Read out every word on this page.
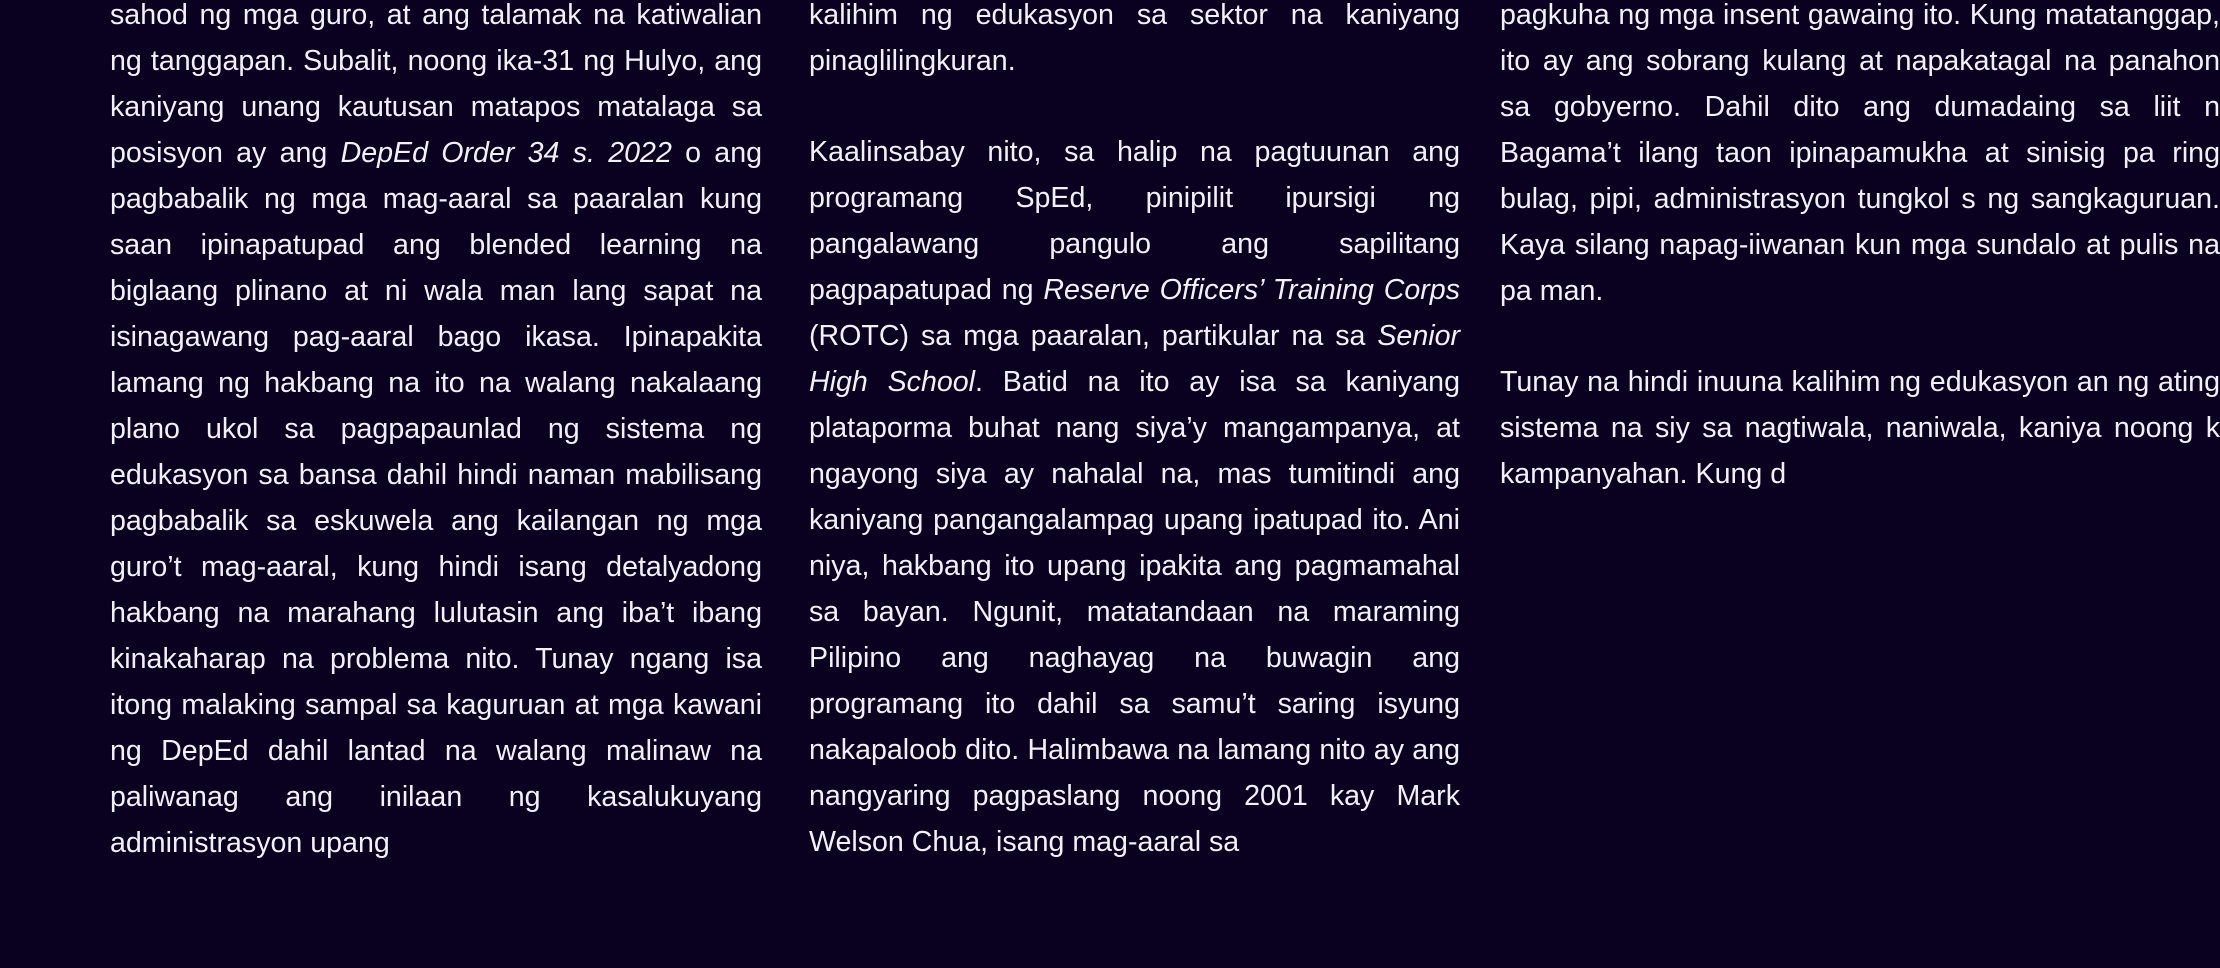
sahod ng mga guro, at ang talamak na katiwalian ng tanggapan. Subalit, noong ika-31 ng Hulyo, ang kaniyang unang kautusan matapos matalaga sa posisyon ay ang DepEd Order 34 s. 2022 o ang pagbabalik ng mga mag-aaral sa paaralan kung saan ipinapatupad ang blended learning na biglaang plinano at ni wala man lang sapat na isinagawang pag-aaral bago ikasa. Ipinapakita lamang ng hakbang na ito na walang nakalaang plano ukol sa pagpapaunlad ng sistema ng edukasyon sa bansa dahil hindi naman mabilisang pagbabalik sa eskuwela ang kailangan ng mga guro’t mag-aaral, kung hindi isang detalyadong hakbang na marahang lulutasin ang iba’t ibang kinakaharap na problema nito. Tunay ngang isa itong malaking sampal sa kaguruan at mga kawani ng DepEd dahil lantad na walang malinaw na paliwanag ang inilaan ng kasalukuyang administrasyon upang

kalihim ng edukasyon sa sektor na kaniyang pinaglilingkuran.

Kaalinsabay nito, sa halip na pagtuunan ang programang SpEd, pinipilit ipursigi ng pangalawang pangulo ang sapilitang pagpapatupad ng Reserve Officers’ Training Corps (ROTC) sa mga paaralan, partikular na sa Senior High School. Batid na ito ay isa sa kaniyang plataporma buhat nang siya’y mangampanya, at ngayong siya ay nahalal na, mas tumitindi ang kaniyang pangangalampag upang ipatupad ito. Ani niya, hakbang ito upang ipakita ang pagmamahal sa bayan. Ngunit, matatandaan na maraming Pilipino ang naghayag na buwagin ang programang ito dahil sa samu’t saring isyung nakapaloob dito. Halimbawa na lamang nito ay ang nangyaring pagpaslang noong 2001 kay Mark Welson Chua, isang mag-aaral sa

pagkuha ng mga insent gawaing ito. Kung matatanggap, ito ay ang sobrang kulang at napakatagal na panahon sa gobyerno. Dahil dito ang dumadaing sa liit n Bagama’t ilang taon ipinapamukha at sinisig pa ring bulag, pipi, administrasyon tungkol s ng sangkaguruan. Kaya silang napag-iiwanan kun mga sundalo at pulis na pa man.

Tunay na hindi inuuna kalihim ng edukasyon an ng ating sistema na siy sa nagtiwala, naniwala, kaniya noong k kampanyahan. Kung d
